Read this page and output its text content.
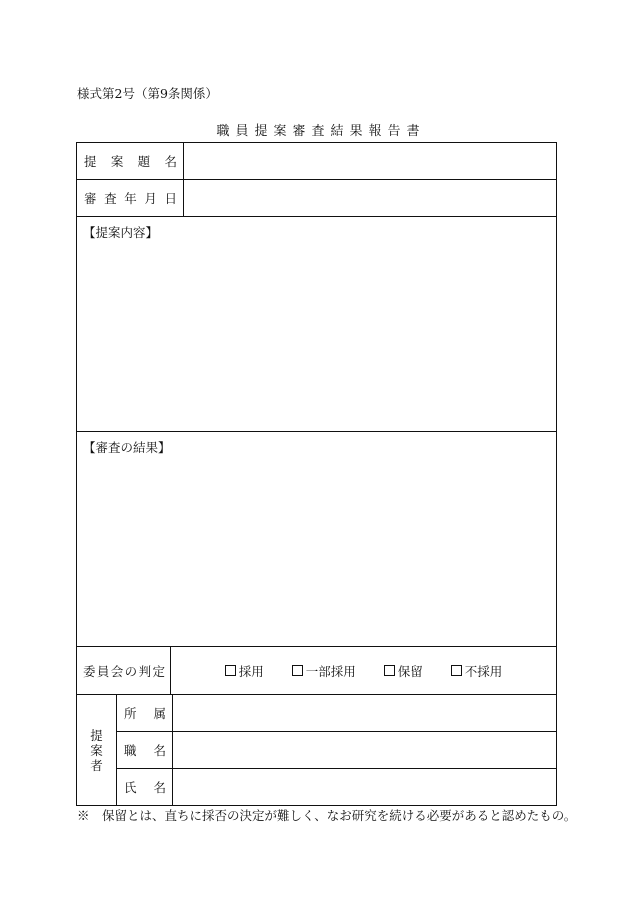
様式第2号（第9条関係）
職員提案審査結果報告書
提 案 題 名
審 査 年 月 日
【提案内容】
【審査の結果】
委 員 会 の 判 定	採用	一部採用	保留	不採用
提
案
者
所 属
職 名
氏 名
※　保留とは、直ちに採否の決定が難しく、なお研究を続ける必要があると認めたもの。
